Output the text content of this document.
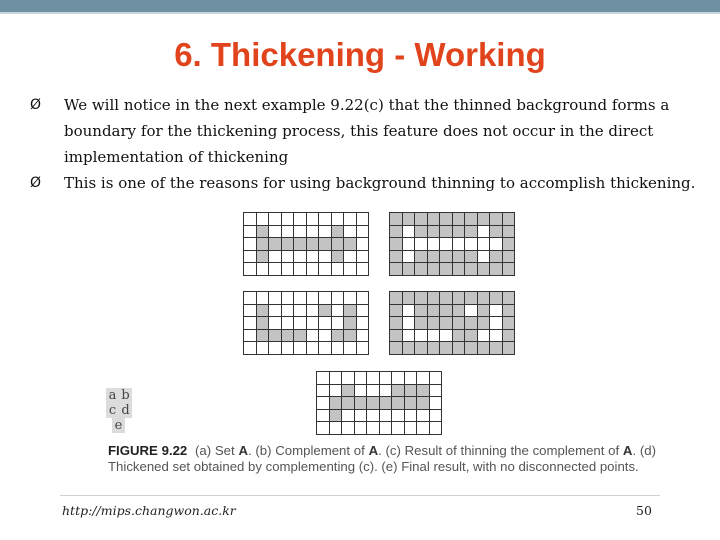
6. Thickening - Working
Ø We will notice in the next example 9.22(c) that the thinned background forms a
boundary for the thickening process, this feature does not occur in the direct
implementation of thickening
Ø This is one of the reasons for using background thinning to accomplish thickening.
a b
c d
e
FIGURE 9.22 (a) Set A. (b) Complement of A. (c) Result of thinning the complement of A. (d) Thickened set obtained by complementing (c). (e) Final result, with no disconnected points.
http://mips.changwon.ac.kr	50
